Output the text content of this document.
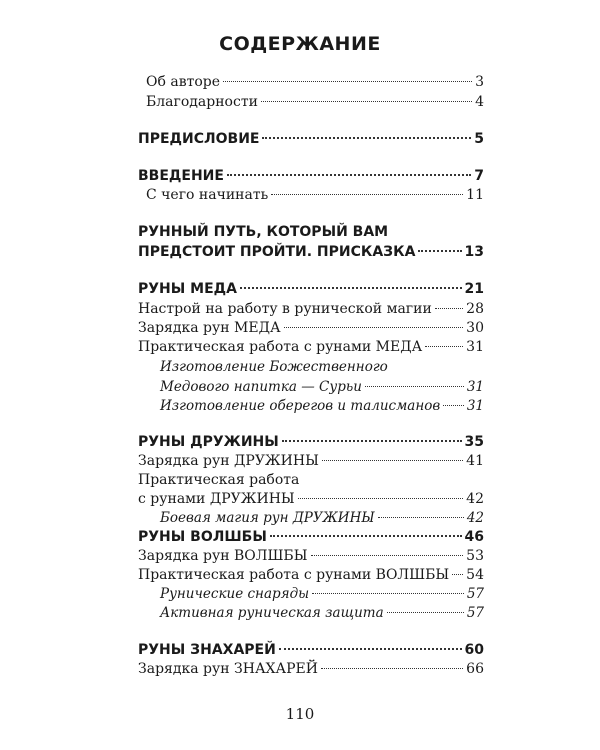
СОДЕРЖАНИЕ
Об авторе	3
Благодарности	4
ПРЕДИСЛОВИЕ	5
ВВЕДЕНИЕ	7
С чего начинать	11
РУННЫЙ ПУТЬ, КОТОРЫЙ ВАМ
ПРЕДСТОИТ ПРОЙТИ. ПРИСКАЗКА	13
РУНЫ МЕДА	21
Настрой на работу в рунической магии 28
Зарядка рун МЕДА	30
Практическая работа с рунами МЕДА	31
Изготовление Божественного
Медового напитка — Сурьи	31
Изготовление оберегов и талисманов 31
РУНЫ ДРУЖИНЫ	35
Зарядка рун ДРУЖИНЫ	41
Практическая работа
с рунами ДРУЖИНЫ	42
Боевая магия рун ДРУЖИНЫ	42
РУНЫ ВОЛШБЫ	46
Зарядка рун ВОЛШБЫ	53
Практическая работа с рунами ВОЛШБЫ 54
Рунические снаряды	57
Активная руническая защита	57
РУНЫ ЗНАХАРЕЙ	60
Зарядка рун ЗНАХАРЕЙ	66
110
